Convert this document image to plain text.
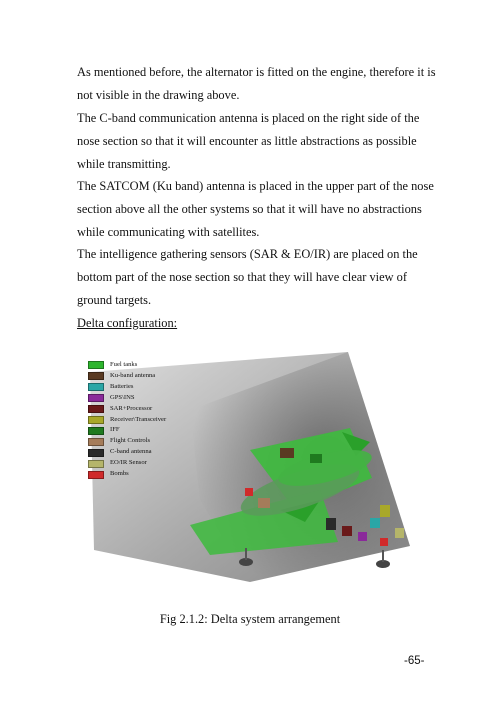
As mentioned before, the alternator is fitted on the engine, therefore it is not visible in the drawing above.

The C-band communication antenna is placed on the right side of the nose section so that it will encounter as little abstractions as possible while transmitting.

The SATCOM (Ku band) antenna is placed in the upper part of the nose section above all the other systems so that it will have no abstractions while communicating with satellites.

The intelligence gathering sensors (SAR & EO/IR) are placed on the bottom part of the nose section so that they will have clear view of ground targets.

Delta configuration:

Fuel tanks
Ku-band antenna
Batteries
GPS\INS
SAR+Processor
Receiver\Transceiver
IFF
Flight Controls
C-band antenna
EO/IR Sensor
Bombs

Fig 2.1.2: Delta system arrangement

-65-
